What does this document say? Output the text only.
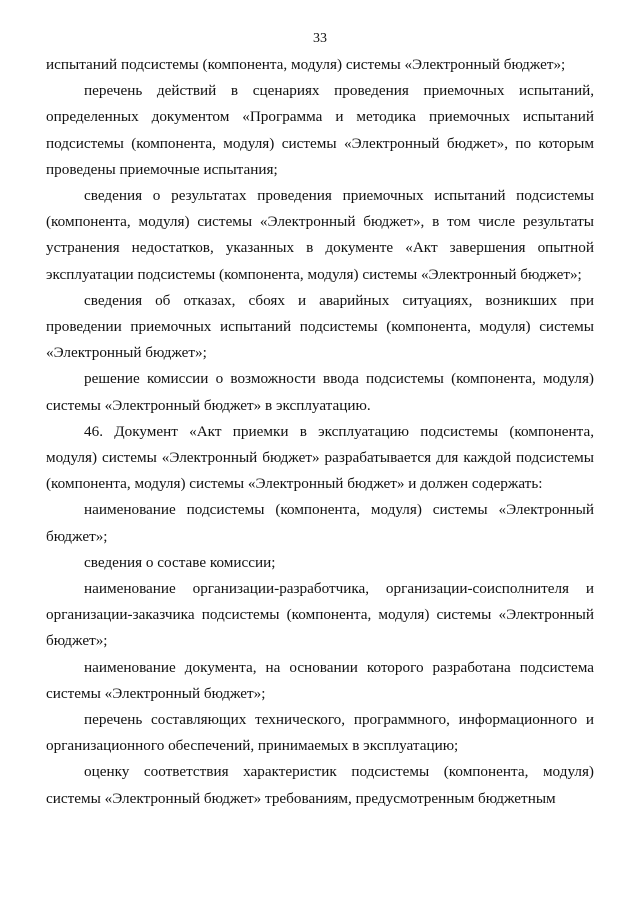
33

испытаний подсистемы (компонента, модуля) системы «Электронный бюджет»;

перечень действий в сценариях проведения приемочных испытаний, определенных документом «Программа и методика приемочных испытаний подсистемы (компонента, модуля) системы «Электронный бюджет», по которым проведены приемочные испытания;

сведения о результатах проведения приемочных испытаний подсистемы (компонента, модуля) системы «Электронный бюджет», в том числе результаты устранения недостатков, указанных в документе «Акт завершения опытной эксплуатации подсистемы (компонента, модуля) системы «Электронный бюджет»;

сведения об отказах, сбоях и аварийных ситуациях, возникших при проведении приемочных испытаний подсистемы (компонента, модуля) системы «Электронный бюджет»;

решение комиссии о возможности ввода подсистемы (компонента, модуля) системы «Электронный бюджет» в эксплуатацию.

46. Документ «Акт приемки в эксплуатацию подсистемы (компонента, модуля) системы «Электронный бюджет» разрабатывается для каждой подсистемы (компонента, модуля) системы «Электронный бюджет» и должен содержать:

наименование подсистемы (компонента, модуля) системы «Электронный бюджет»;

сведения о составе комиссии;

наименование организации-разработчика, организации-соисполнителя и организации-заказчика подсистемы (компонента, модуля) системы «Электронный бюджет»;

наименование документа, на основании которого разработана подсистема системы «Электронный бюджет»;

перечень составляющих технического, программного, информационного и организационного обеспечений, принимаемых в эксплуатацию;

оценку соответствия характеристик подсистемы (компонента, модуля) системы «Электронный бюджет» требованиям, предусмотренным бюджетным
